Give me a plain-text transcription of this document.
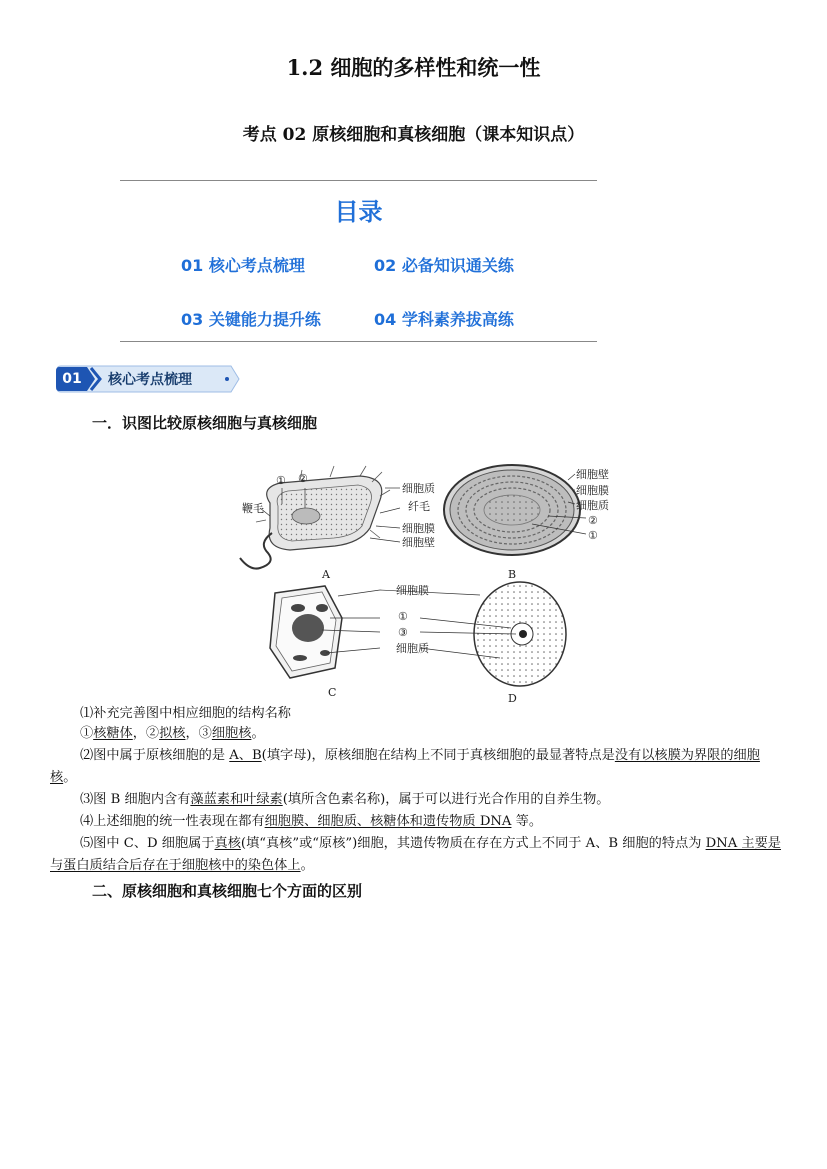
1.2 细胞的多样性和统一性
考点 02 原核细胞和真核细胞（课本知识点）
目录
01 核心考点梳理	02 必备知识通关练
03 关键能力提升练	04 学科素养拔高练
01	核心考点梳理
一．识图比较原核细胞与真核细胞
① ②
鞭毛
细胞质
纤毛
细胞膜
细胞壁
A
细胞壁
细胞膜
细胞质
②
①
B
C
细胞膜
①
③
细胞质
D
⑴补充完善图中相应细胞的结构名称
①核糖体，②拟核，③细胞核。
⑵图中属于原核细胞的是 A、B(填字母)，原核细胞在结构上不同于真核细胞的最显著特点是没有以核膜为界限的细胞核。
⑶图 B 细胞内含有藻蓝素和叶绿素(填所含色素名称)，属于可以进行光合作用的自养生物。
⑷上述细胞的统一性表现在都有细胞膜、细胞质、核糖体和遗传物质 DNA 等。
⑸图中 C、D 细胞属于真核(填“真核”或“原核”)细胞，其遗传物质在存在方式上不同于 A、B 细胞的特点为 DNA 主要是与蛋白质结合后存在于细胞核中的染色体上。
二、原核细胞和真核细胞七个方面的区别
